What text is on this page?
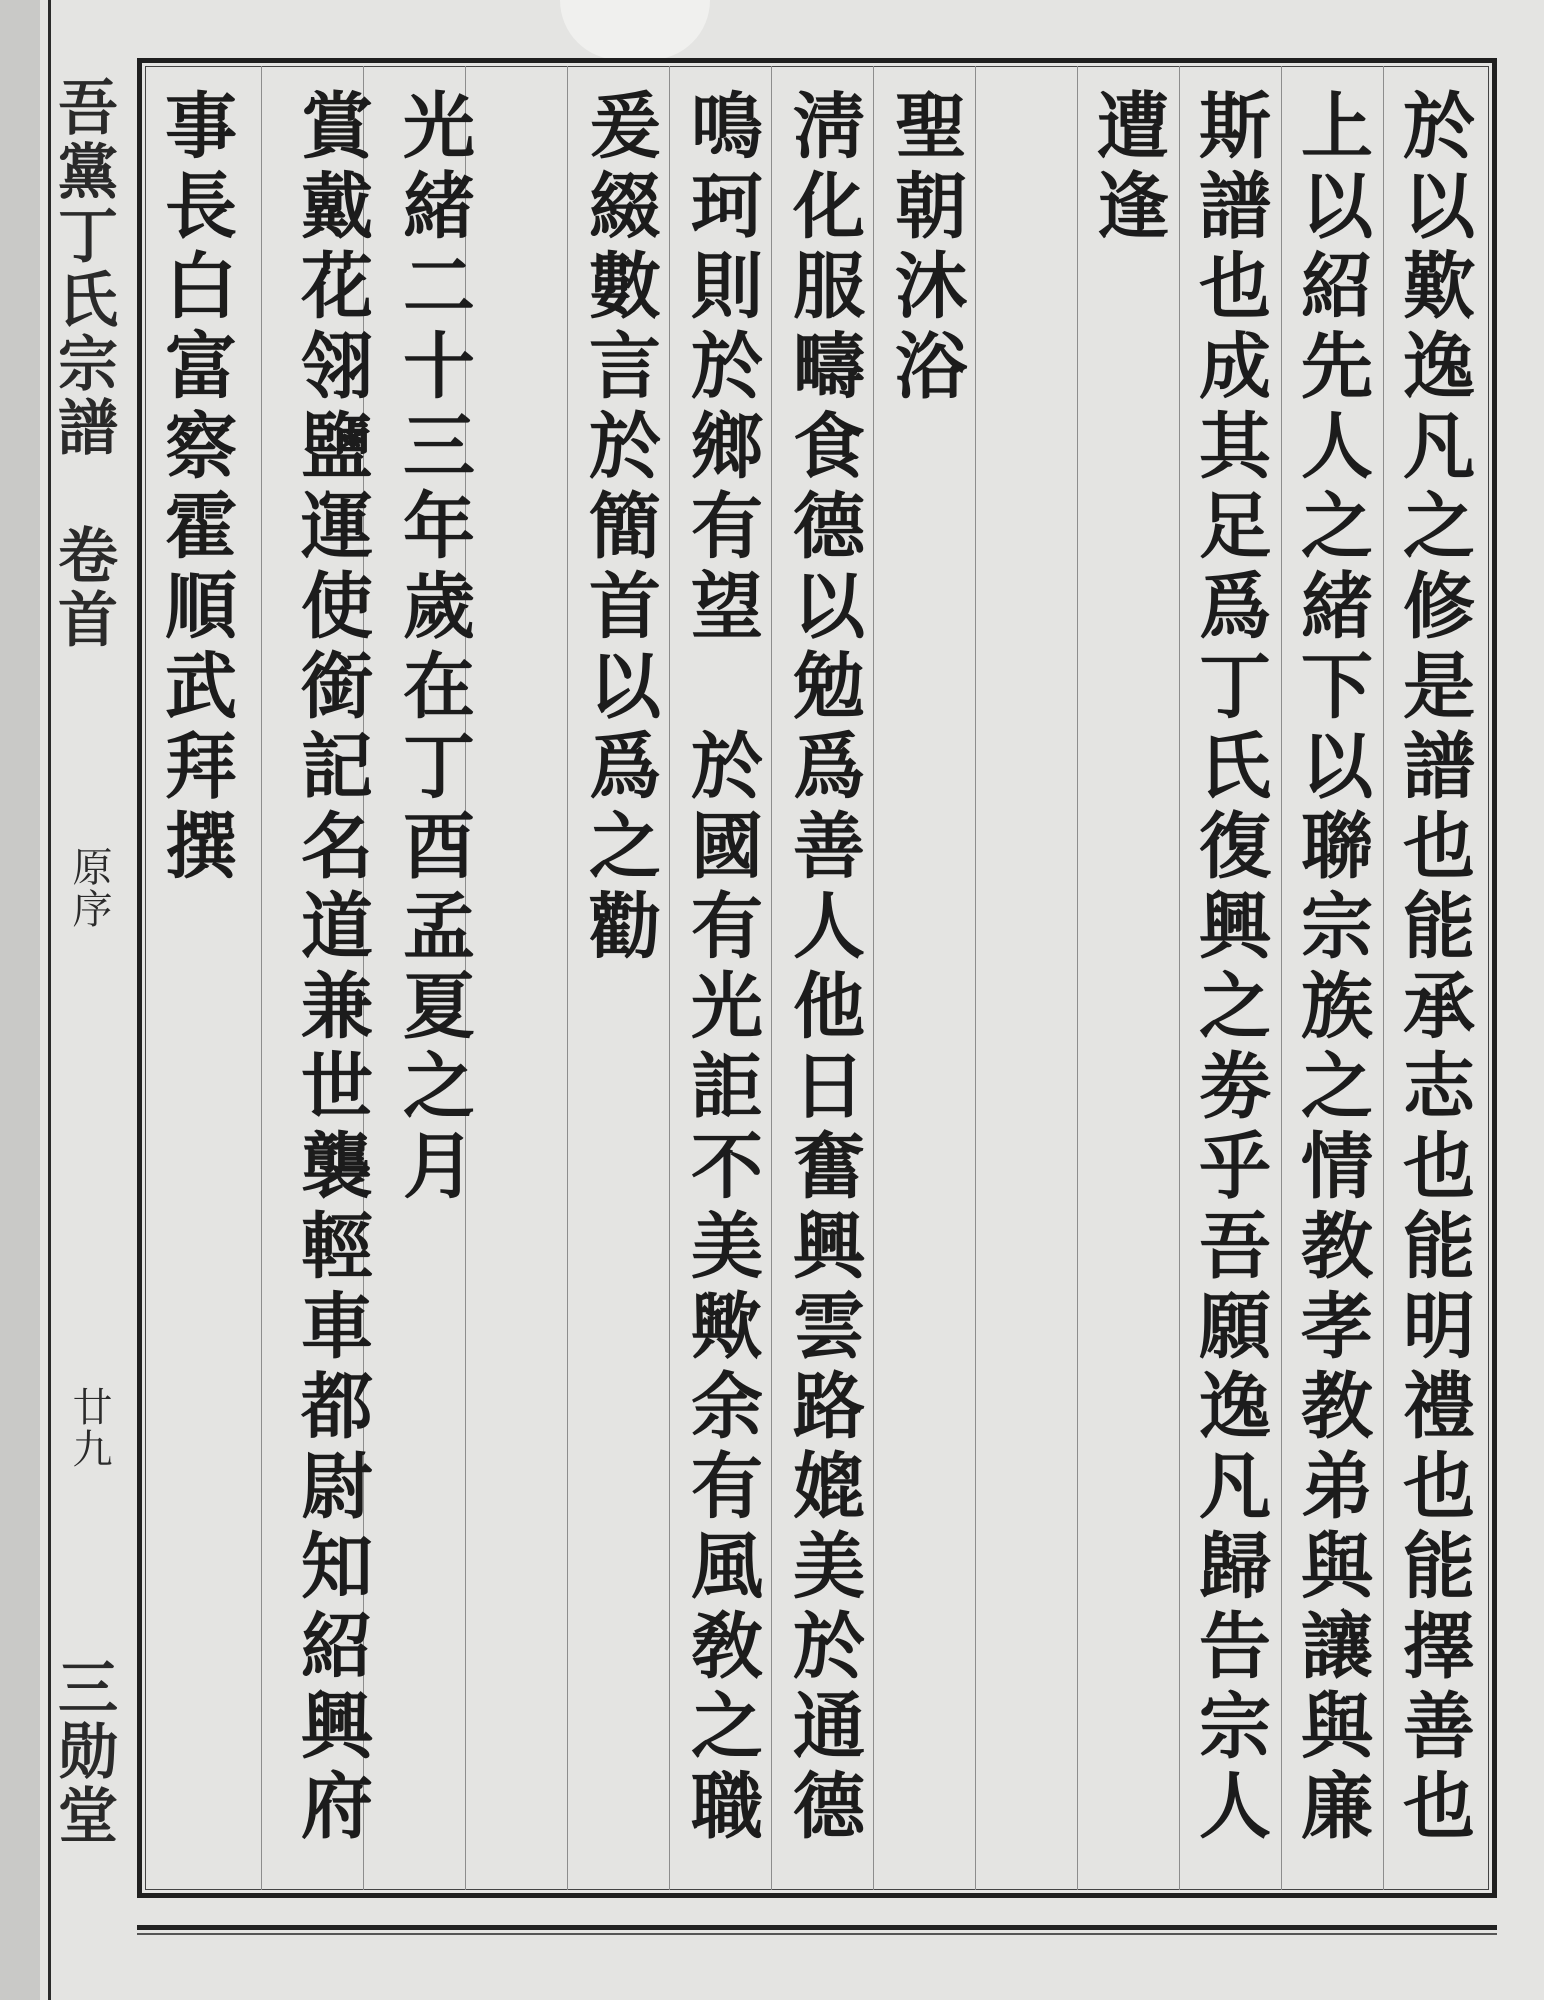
吾黨丁氏宗譜　卷首
原序
廿九
三勋堂	於以歎逸凡之修是譜也能承志也能明禮也能擇善也
上以紹先人之緒下以聯宗族之情教孝教弟與讓與廉
斯譜也成其足爲丁氏復興之劵乎吾願逸凡歸告宗人
遭逢
聖朝沐浴
淸化服疇食德以勉爲善人他日奮興雲路媲美於通德
鳴珂則於鄉有望　於國有光詎不美歟余有風敎之職
爰綴數言於簡首以爲之勸
光緒二十三年歲在丁酉孟夏之月
賞戴花翎鹽運使銜記名道兼世襲輕車都尉知紹興府
事長白富察霍順武拜撰
